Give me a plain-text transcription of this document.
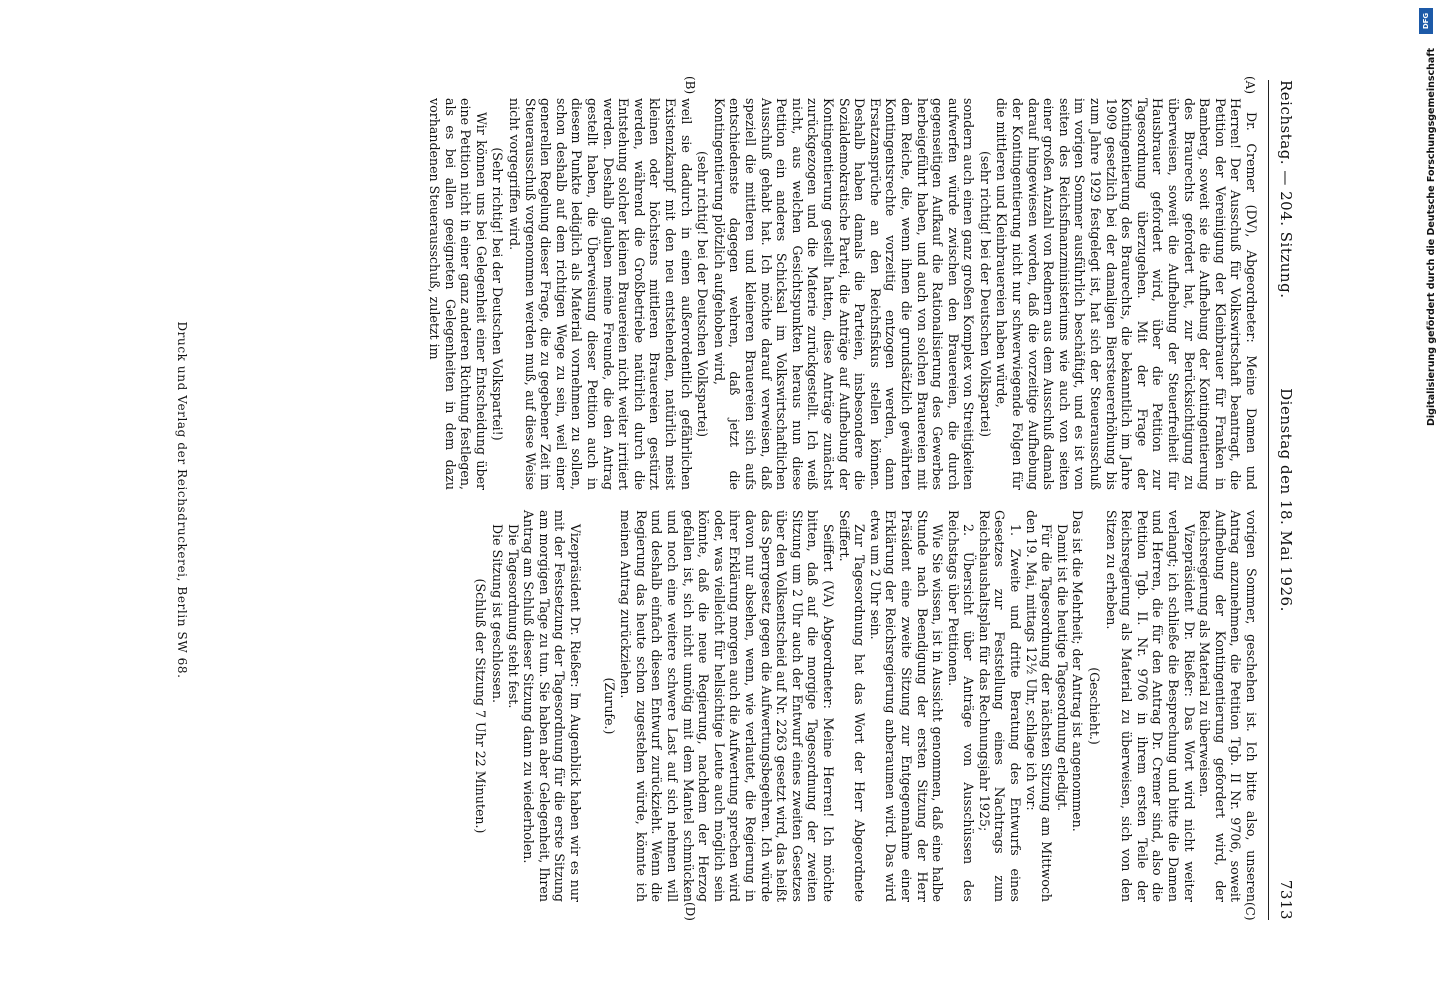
Reichstag. — 204. Sitzung.
Dienstag den 18. Mai 1926.
7313
(A)
(B)
(C)
(D)

Dr. Cremer (DV), Abgeordneter: Meine Damen und Herren! Der Ausschuß für Volkswirtschaft beantragt, die Petition der Vereinigung der Kleinbrauer für Franken in Bamberg, soweit sie die Aufhebung der Kontingentierung des Braurechts gefordert hat, zur Berücksichtigung zu überweisen, soweit die Aufhebung der Steuerfreiheit für Hausbrauer gefordert wird, über die Petition zur Tagesordnung überzugehen. Mit der Frage der Kontingentierung des Braurechts, die bekanntlich im Jahre 1909 gesetzlich bei der damaligen Biersteuererhöhung bis zum Jahre 1929 festgelegt ist, hat sich der Steuerausschuß im vorigen Sommer ausführlich beschäftigt, und es ist von seiten des Reichsfinanzministeriums wie auch von seiten einer großen Anzahl von Rednern aus dem Ausschuß damals darauf hingewiesen worden, daß die vorzeitige Aufhebung der Kontingentierung nicht nur schwerwiegende Folgen für die mittleren und Kleinbrauereien haben würde,

(sehr richtig! bei der Deutschen Volkspartei)

sondern auch einen ganz großen Komplex von Streitigkeiten aufwerfen würde zwischen den Brauereien, die durch gegenseitigen Aufkauf die Rationalisierung des Gewerbes herbeigeführt haben, und auch von solchen Brauereien mit dem Reiche, die, wenn ihnen die grundsätzlich gewährten Kontingentsrechte vorzeitig entzogen werden, dann Ersatzansprüche an den Reichsfiskus stellen können. Deshalb haben damals die Parteien, insbesondere die Sozialdemokratische Partei, die Anträge auf Aufhebung der Kontingentierung gestellt hatten, diese Anträge zunächst zurückgezogen und die Materie zurückgestellt. Ich weiß nicht, aus welchen Gesichtspunkten heraus nun diese Petition ein anderes Schicksal im Volkswirtschaftlichen Ausschuß gehabt hat. Ich möchte darauf verweisen, daß speziell die mittleren und kleineren Brauereien sich aufs entschiedenste dagegen wehren, daß jetzt die Kontingentierung plötzlich aufgehoben wird,

(sehr richtig! bei der Deutschen Volkspartei)

weil sie dadurch in einen außerordentlich gefährlichen Existenzkampf mit den neu entstehenden, natürlich meist kleinen oder höchstens mittleren Brauereien gestürzt werden, während die Großbetriebe natürlich durch die Entstehung solcher kleinen Brauereien nicht weiter irritiert werden. Deshalb glauben meine Freunde, die den Antrag gestellt haben, die Überweisung dieser Petition auch in diesem Punkte lediglich als Material vornehmen zu sollen, schon deshalb auf dem richtigen Wege zu sein, weil einer generellen Regelung dieser Frage, die zu gegebener Zeit im Steuerausschuß vorgenommen werden muß, auf diese Weise nicht vorgegriffen wird.

(Sehr richtig! bei der Deutschen Volkspartei!)

Wir können uns bei Gelegenheit einer Entscheidung über eine Petition nicht in einer ganz anderen Richtung festlegen, als es bei allen geeigneten Gelegenheiten in dem dazu vorhandenen Steuerausschuß, zuletzt im

vorigen Sommer, geschehen ist. Ich bitte also, unseren Antrag anzunehmen, die Petition Tgb. II Nr. 9706, soweit Aufhebung der Kontingentierung gefordert wird, der Reichsregierung als Material zu überweisen.

Vizepräsident Dr. Rießer: Das Wort wird nicht weiter verlangt; ich schließe die Besprechung und bitte die Damen und Herren, die für den Antrag Dr. Cremer sind, also die Petition Tgb. II. Nr. 9706 in ihrem ersten Teile der Reichsregierung als Material zu überweisen, sich von den Sitzen zu erheben.

(Geschieht.)

Das ist die Mehrheit; der Antrag ist angenommen.

Damit ist die heutige Tagesordnung erledigt.

Für die Tagesordnung der nächsten Sitzung am Mittwoch den 19. Mai, mittags 12½ Uhr, schlage ich vor:

1. Zweite und dritte Beratung des Entwurfs eines Gesetzes zur Feststellung eines Nachtrags zum Reichshaushaltsplan für das Rechnungsjahr 1925;

2. Übersicht über Anträge von Ausschüssen des Reichstags über Petitionen.

Wie Sie wissen, ist in Aussicht genommen, daß eine halbe Stunde nach Beendigung der ersten Sitzung der Herr Präsident eine zweite Sitzung zur Entgegennahme einer Erklärung der Reichsregierung anberaumen wird. Das wird etwa um 2 Uhr sein.

Zur Tagesordnung hat das Wort der Herr Abgeordnete Seiffert.

Seiffert (VA) Abgeordneter: Meine Herren! Ich möchte bitten, daß auf die morgige Tagesordnung der zweiten Sitzung um 2 Uhr auch der Entwurf eines zweiten Gesetzes über den Volksentscheid auf Nr. 2263 gesetzt wird, das heißt das Sperrgesetz gegen die Aufwertungsbegehren. Ich würde davon nur absehen, wenn, wie verlautet, die Regierung in ihrer Erklärung morgen auch die Aufwertung sprechen wird oder, was vielleicht für hellsichtige Leute auch möglich sein könnte, daß die neue Regierung, nachdem der Herzog gefallen ist, sich nicht unnötig mit dem Mantel schmücken und noch eine weitere schwere Last auf sich nehmen will und deshalb einfach diesen Entwurf zurückzieht. Wenn die Regierung das heute schon zugestehen würde, könnte ich meinen Antrag zurückziehen.

(Zurufe.)

Vizepräsident Dr. Rießer: Im Augenblick haben wir es nur mit der Festsetzung der Tagesordnung für die erste Sitzung am morgigen Tage zu tun. Sie haben aber Gelegenheit, Ihren Antrag am Schluß dieser Sitzung dann zu wiederholen.

Die Tagesordnung steht fest.

Die Sitzung ist geschlossen.

(Schluß der Sitzung 7 Uhr 22 Minuten.)

Druck und Verlag der Reichsdruckerei, Berlin SW 68.
DFG
Digitalisierung gefördert durch die Deutsche Forschungsgemeinschaft
